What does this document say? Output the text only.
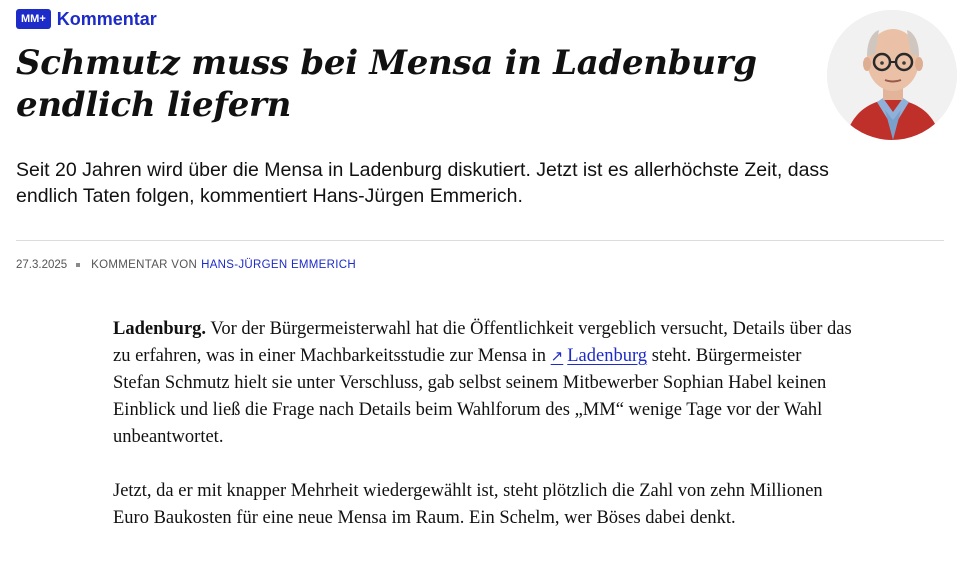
MM+ Kommentar
Schmutz muss bei Mensa in Ladenburg endlich liefern

Seit 20 Jahren wird über die Mensa in Ladenburg diskutiert. Jetzt ist es allerhöchste Zeit, dass endlich Taten folgen, kommentiert Hans-Jürgen Emmerich.

27.3.2025 KOMMENTAR VON HANS-JÜRGEN EMMERICH

Ladenburg. Vor der Bürgermeisterwahl hat die Öffentlichkeit vergeblich versucht, Details über das zu erfahren, was in einer Machbarkeitsstudie zur Mensa in ↗ Ladenburg steht. Bürgermeister Stefan Schmutz hielt sie unter Verschluss, gab selbst seinem Mitbewerber Sophian Habel keinen Einblick und ließ die Frage nach Details beim Wahlforum des „MM“ wenige Tage vor der Wahl unbeantwortet.

Jetzt, da er mit knapper Mehrheit wiedergewählt ist, steht plötzlich die Zahl von zehn Millionen Euro Baukosten für eine neue Mensa im Raum. Ein Schelm, wer Böses dabei denkt.
